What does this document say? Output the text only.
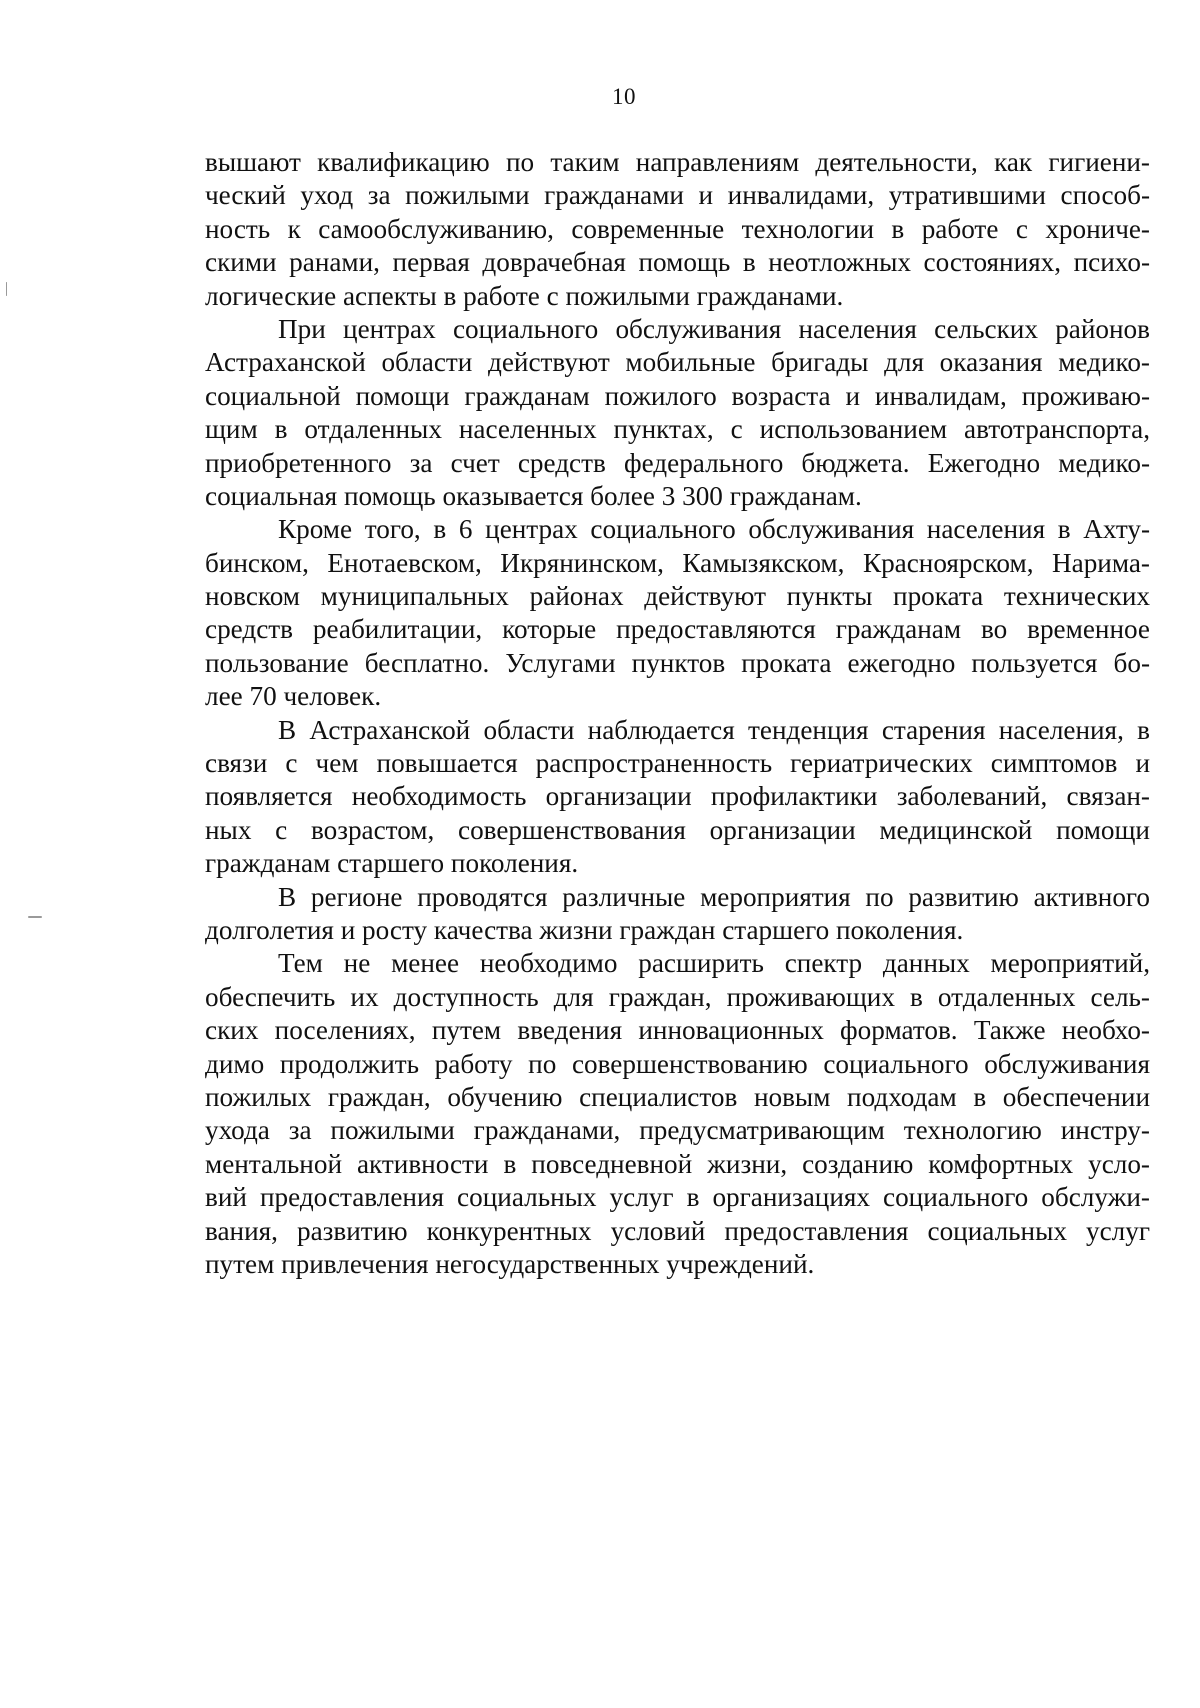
10
вышают квалификацию по таким направлениям деятельности, как гигиени-
ческий уход за пожилыми гражданами и инвалидами, утратившими способ-
ность к самообслуживанию, современные технологии в работе с хрониче-
скими ранами, первая доврачебная помощь в неотложных состояниях, психо-
логические аспекты в работе с пожилыми гражданами.
При центрах социального обслуживания населения сельских районов
Астраханской области действуют мобильные бригады для оказания медико-
социальной помощи гражданам пожилого возраста и инвалидам, проживаю-
щим в отдаленных населенных пунктах, с использованием автотранспорта,
приобретенного за счет средств федерального бюджета. Ежегодно медико-
социальная помощь оказывается более 3 300 гражданам.
Кроме того, в 6 центрах социального обслуживания населения в Ахту-
бинском, Енотаевском, Икрянинском, Камызякском, Красноярском, Нарима-
новском муниципальных районах действуют пункты проката технических
средств реабилитации, которые предоставляются гражданам во временное
пользование бесплатно. Услугами пунктов проката ежегодно пользуется бо-
лее 70 человек.
В Астраханской области наблюдается тенденция старения населения, в
связи с чем повышается распространенность гериатрических симптомов и
появляется необходимость организации профилактики заболеваний, связан-
ных с возрастом, совершенствования организации медицинской помощи
гражданам старшего поколения.
В регионе проводятся различные мероприятия по развитию активного
долголетия и росту качества жизни граждан старшего поколения.
Тем не менее необходимо расширить спектр данных мероприятий,
обеспечить их доступность для граждан, проживающих в отдаленных сель-
ских поселениях, путем введения инновационных форматов. Также необхо-
димо продолжить работу по совершенствованию социального обслуживания
пожилых граждан, обучению специалистов новым подходам в обеспечении
ухода за пожилыми гражданами, предусматривающим технологию инстру-
ментальной активности в повседневной жизни, созданию комфортных усло-
вий предоставления социальных услуг в организациях социального обслужи-
вания, развитию конкурентных условий предоставления социальных услуг
путем привлечения негосударственных учреждений.
